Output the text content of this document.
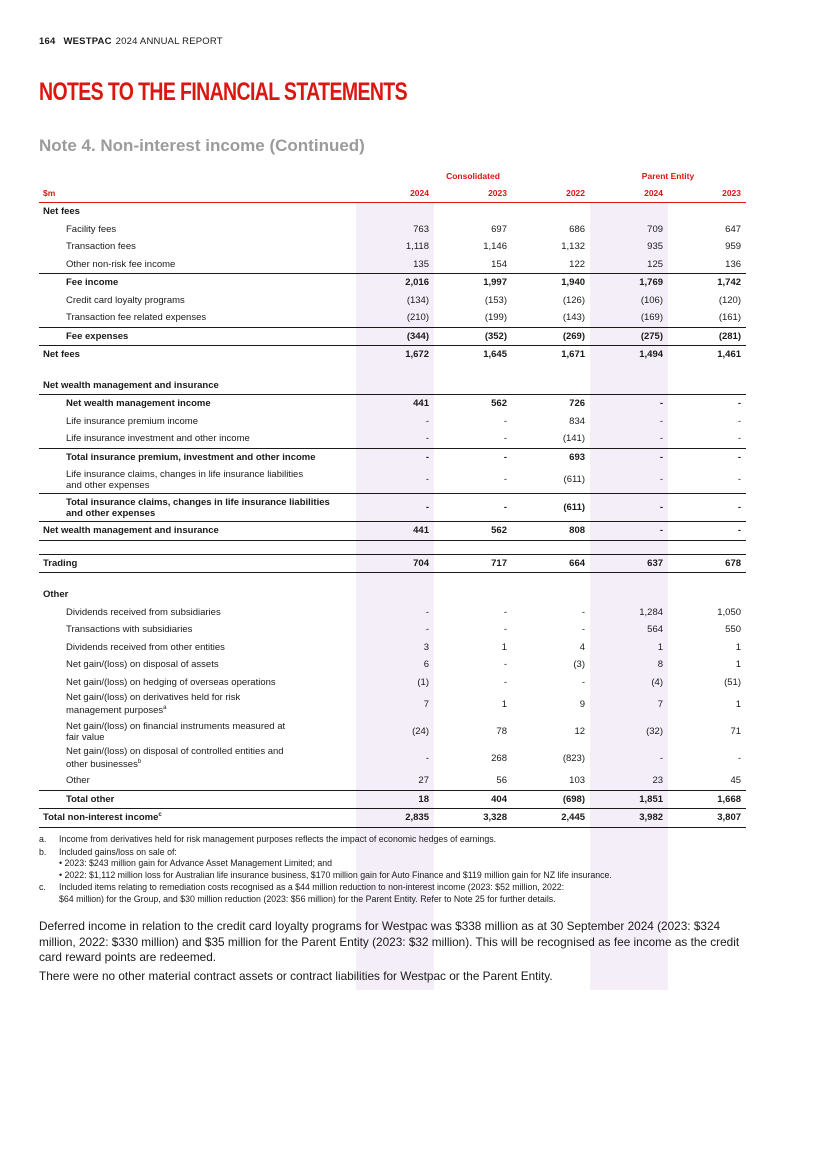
164 WESTPAC 2024 ANNUAL REPORT
NOTES TO THE FINANCIAL STATEMENTS
Note 4. Non-interest income (Continued)
	Consolidated			Parent Entity	
$m	2024	2023	2022	2024	2023
Net fees					
Facility fees	763	697	686	709	647
Transaction fees	1,118	1,146	1,132	935	959
Other non-risk fee income	135	154	122	125	136
Fee income	2,016	1,997	1,940	1,769	1,742
Credit card loyalty programs	(134)	(153)	(126)	(106)	(120)
Transaction fee related expenses	(210)	(199)	(143)	(169)	(161)
Fee expenses	(344)	(352)	(269)	(275)	(281)
Net fees	1,672	1,645	1,671	1,494	1,461

Net wealth management and insurance					
Net wealth management income	441	562	726	-	-
Life insurance premium income	-	-	834	-	-
Life insurance investment and other income	-	-	(141)	-	-
Total insurance premium, investment and other income	-	-	693	-	-
Life insurance claims, changes in life insurance liabilities
and other expenses	-	-	(611)	-	-
Total insurance claims, changes in life insurance liabilities
and other expenses	-	-	(611)	-	-
Net wealth management and insurance	441	562	808	-	-

Trading	704	717	664	637	678

Other					
Dividends received from subsidiaries	-	-	-	1,284	1,050
Transactions with subsidiaries	-	-	-	564	550
Dividends received from other entities	3	1	4	1	1
Net gain/(loss) on disposal of assets	6	-	(3)	8	1
Net gain/(loss) on hedging of overseas operations	(1)	-	-	(4)	(51)
Net gain/(loss) on derivatives held for risk
management purposes$^a$	7	1	9	7	1
Net gain/(loss) on financial instruments measured at
fair value	(24)	78	12	(32)	71
Net gain/(loss) on disposal of controlled entities and
other businesses$^b$	-	268	(823)	-	-
Other	27	56	103	23	45
Total other	18	404	(698)	1,851	1,668
Total non-interest income$^c$	2,835	3,328	2,445	3,982	3,807
a. Income from derivatives held for risk management purposes reflects the impact of economic hedges of earnings.
b. Included gains/loss on sale of:
• 2023: $243 million gain for Advance Asset Management Limited; and
• 2022: $1,112 million loss for Australian life insurance business, $170 million gain for Auto Finance and $119 million gain for NZ life insurance.
c. Included items relating to remediation costs recognised as a $44 million reduction to non-interest income (2023: $52 million, 2022:
$64 million) for the Group, and $30 million reduction (2023: $56 million) for the Parent Entity. Refer to Note 25 for further details.
Deferred income in relation to the credit card loyalty programs for Westpac was $338 million as at 30 September 2024 (2023: $324 million, 2022: $330 million) and $35 million for the Parent Entity (2023: $32 million). This will be recognised as fee income as the credit card reward points are redeemed.
There were no other material contract assets or contract liabilities for Westpac or the Parent Entity.
